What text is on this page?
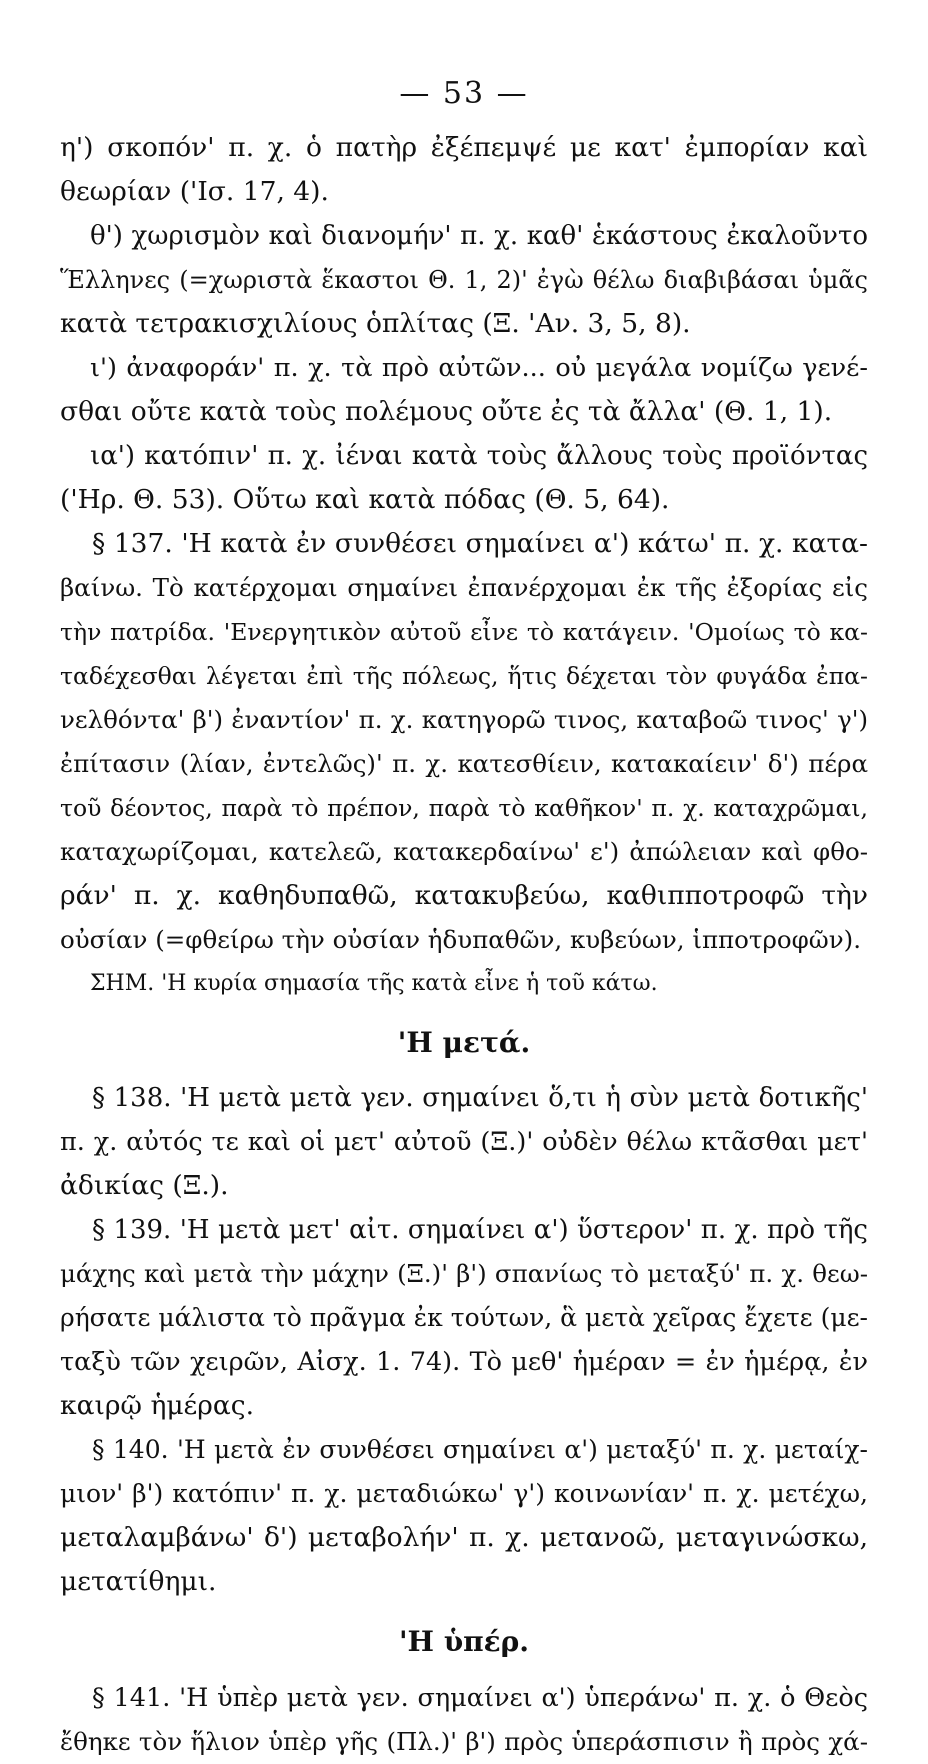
— 53 —
η') σκοπόν' π. χ. ὁ πατὴρ ἐξέπεμψέ με κατ' ἐμπορίαν καὶ
θεωρίαν ('Ισ. 17, 4).
θ') χωρισμὸν καὶ διανομήν' π. χ. καθ' ἑκάστους ἐκαλοῦντο
Ἕλληνες (=χωριστὰ ἕκαστοι Θ. 1, 2)' ἐγὼ θέλω διαβιβάσαι ὑμᾶς
κατὰ τετρακισχιλίους ὁπλίτας (Ξ. 'Αν. 3, 5, 8).
ι') ἀναφοράν' π. χ. τὰ πρὸ αὐτῶν... οὐ μεγάλα νομίζω γενέ-
σθαι οὔτε κατὰ τοὺς πολέμους οὔτε ἐς τὰ ἄλλα' (Θ. 1, 1).
ια') κατόπιν' π. χ. ἰέναι κατὰ τοὺς ἄλλους τοὺς προϊόντας
('Ηρ. Θ. 53). Οὕτω καὶ κατὰ πόδας (Θ. 5, 64).
§ 137. 'Η κατὰ ἐν συνθέσει σημαίνει α') κάτω' π. χ. κατα-
βαίνω. Τὸ κατέρχομαι σημαίνει ἐπανέρχομαι ἐκ τῆς ἐξορίας εἰς
τὴν πατρίδα. 'Ενεργητικὸν αὐτοῦ εἶνε τὸ κατάγειν. 'Ομοίως τὸ κα-
ταδέχεσθαι λέγεται ἐπὶ τῆς πόλεως, ἥτις δέχεται τὸν φυγάδα ἐπα-
νελθόντα' β') ἐναντίον' π. χ. κατηγορῶ τινος, καταβοῶ τινος' γ')
ἐπίτασιν (λίαν, ἐντελῶς)' π. χ. κατεσθίειν, κατακαίειν' δ') πέρα
τοῦ δέοντος, παρὰ τὸ πρέπον, παρὰ τὸ καθῆκον' π. χ. καταχρῶμαι,
καταχωρίζομαι, κατελεῶ, κατακερδαίνω' ε') ἀπώλειαν καὶ φθο-
ράν' π. χ. καθηδυπαθῶ, κατακυβεύω, καθιπποτροφῶ τὴν
οὐσίαν (=φθείρω τὴν οὐσίαν ἡδυπαθῶν, κυβεύων, ἱπποτροφῶν).
ΣΗΜ. 'Η κυρία σημασία τῆς κατὰ εἶνε ἡ τοῦ κάτω.
'Η μετά.
§ 138. 'Η μετὰ μετὰ γεν. σημαίνει ὅ,τι ἡ σὺν μετὰ δοτικῆς'
π. χ. αὐτός τε καὶ οἱ μετ' αὐτοῦ (Ξ.)' οὐδὲν θέλω κτᾶσθαι μετ'
ἀδικίας (Ξ.).
§ 139. 'Η μετὰ μετ' αἰτ. σημαίνει α') ὕστερον' π. χ. πρὸ τῆς
μάχης καὶ μετὰ τὴν μάχην (Ξ.)' β') σπανίως τὸ μεταξύ' π. χ. θεω-
ρήσατε μάλιστα τὸ πρᾶγμα ἐκ τούτων, ἃ μετὰ χεῖρας ἔχετε (με-
ταξὺ τῶν χειρῶν, Αἰσχ. 1. 74). Τὸ μεθ' ἡμέραν = ἐν ἡμέρᾳ, ἐν
καιρῷ ἡμέρας.
§ 140. 'Η μετὰ ἐν συνθέσει σημαίνει α') μεταξύ' π. χ. μεταίχ-
μιον' β') κατόπιν' π. χ. μεταδιώκω' γ') κοινωνίαν' π. χ. μετέχω,
μεταλαμβάνω' δ') μεταβολήν' π. χ. μετανοῶ, μεταγινώσκω,
μετατίθημι.
'Η ὑπέρ.
§ 141. 'Η ὑπὲρ μετὰ γεν. σημαίνει α') ὑπεράνω' π. χ. ὁ Θεὸς
ἔθηκε τὸν ἥλιον ὑπὲρ γῆς (Πλ.)' β') πρὸς ὑπεράσπισιν ἢ πρὸς χά-
